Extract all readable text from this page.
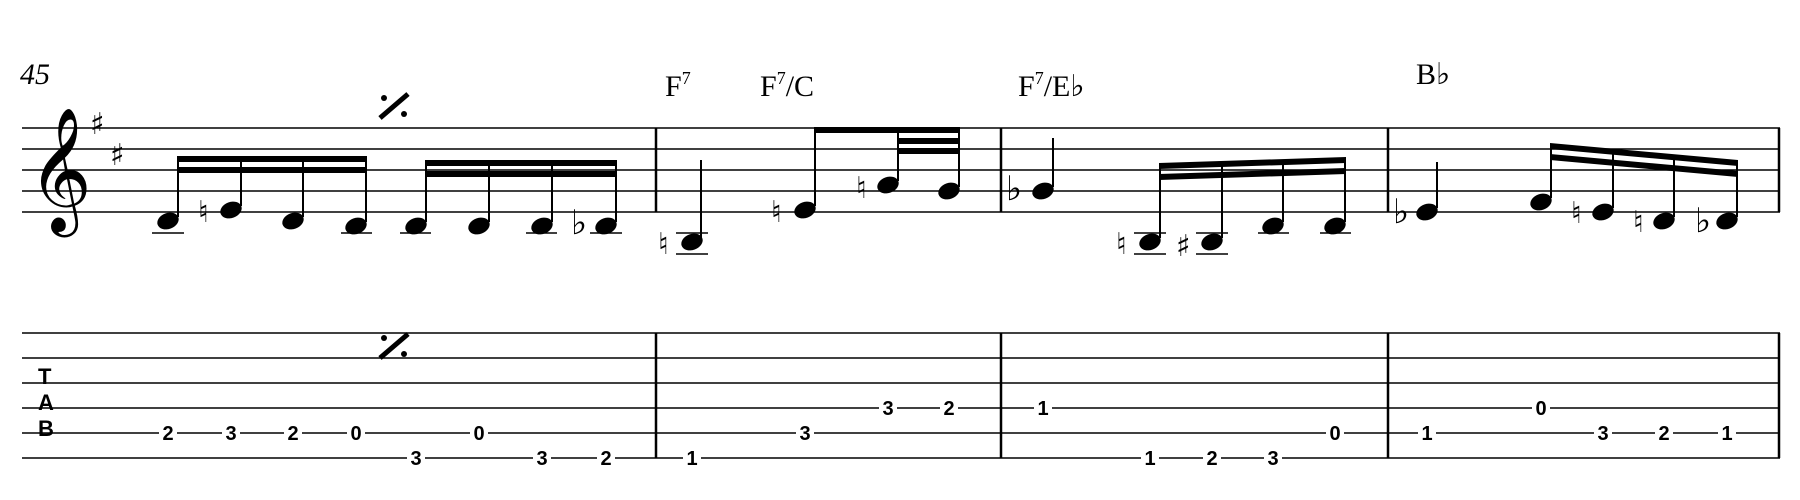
45	$F^7$ $F^7/C$	$F^7/E♭$	B♭
𝄞
♯
♯
♮	♭
♮
♮
♮	♭
♮ ♯
♭	♮ ♮ ♭
T
A
B	2	3	2	0
3
0
3	2	1
3
3 2	1
1	2 3
0	1
0
3 2	1
